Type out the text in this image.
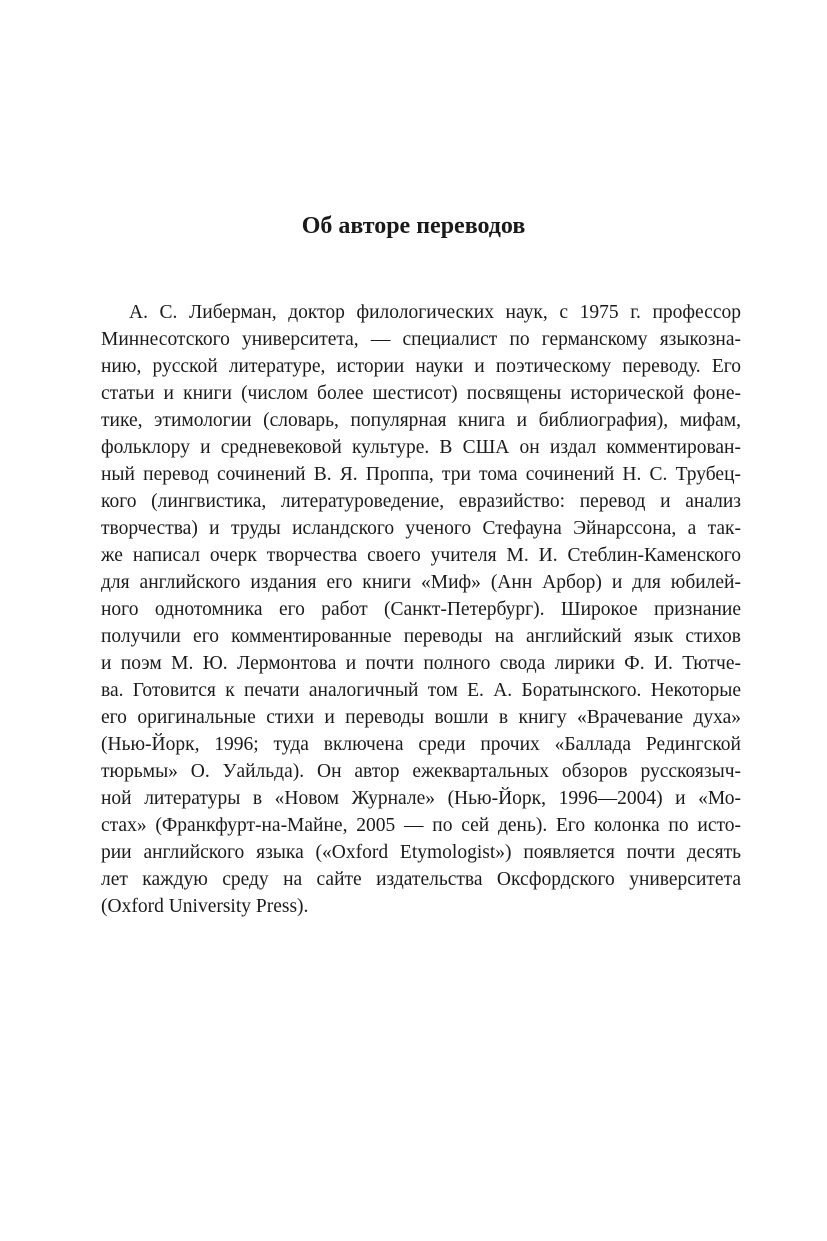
Об авторе переводов
А. С. Либерман, доктор филологических наук, с 1975 г. профессор
Миннесотского университета, — специалист по германскому языкозна-
нию, русской литературе, истории науки и поэтическому переводу. Его
статьи и книги (числом более шестисот) посвящены исторической фоне-
тике, этимологии (словарь, популярная книга и библиография), мифам,
фольклору и средневековой культуре. В США он издал комментирован-
ный перевод сочинений В. Я. Проппа, три тома сочинений Н. С. Трубец-
кого (лингвистика, литературоведение, евразийство: перевод и анализ
творчества) и труды исландского ученого Стефауна Эйнарссона, а так-
же написал очерк творчества своего учителя М. И. Стеблин-Каменского
для английского издания его книги «Миф» (Анн Арбор) и для юбилей-
ного однотомника его работ (Санкт-Петербург). Широкое признание
получили его комментированные переводы на английский язык стихов
и поэм М. Ю. Лермонтова и почти полного свода лирики Ф. И. Тютче-
ва. Готовится к печати аналогичный том Е. А. Боратынского. Некоторые
его оригинальные стихи и переводы вошли в книгу «Врачевание духа»
(Нью-Йорк, 1996; туда включена среди прочих «Баллада Редингской
тюрьмы» О. Уайльда). Он автор ежеквартальных обзоров русскоязыч-
ной литературы в «Новом Журнале» (Нью-Йорк, 1996—2004) и «Мо-
стах» (Франкфурт-на-Майне, 2005 — по сей день). Его колонка по исто-
рии английского языка («Oxford Etymologist») появляется почти десять
лет каждую среду на сайте издательства Оксфордского университета
(Oxford University Press).
